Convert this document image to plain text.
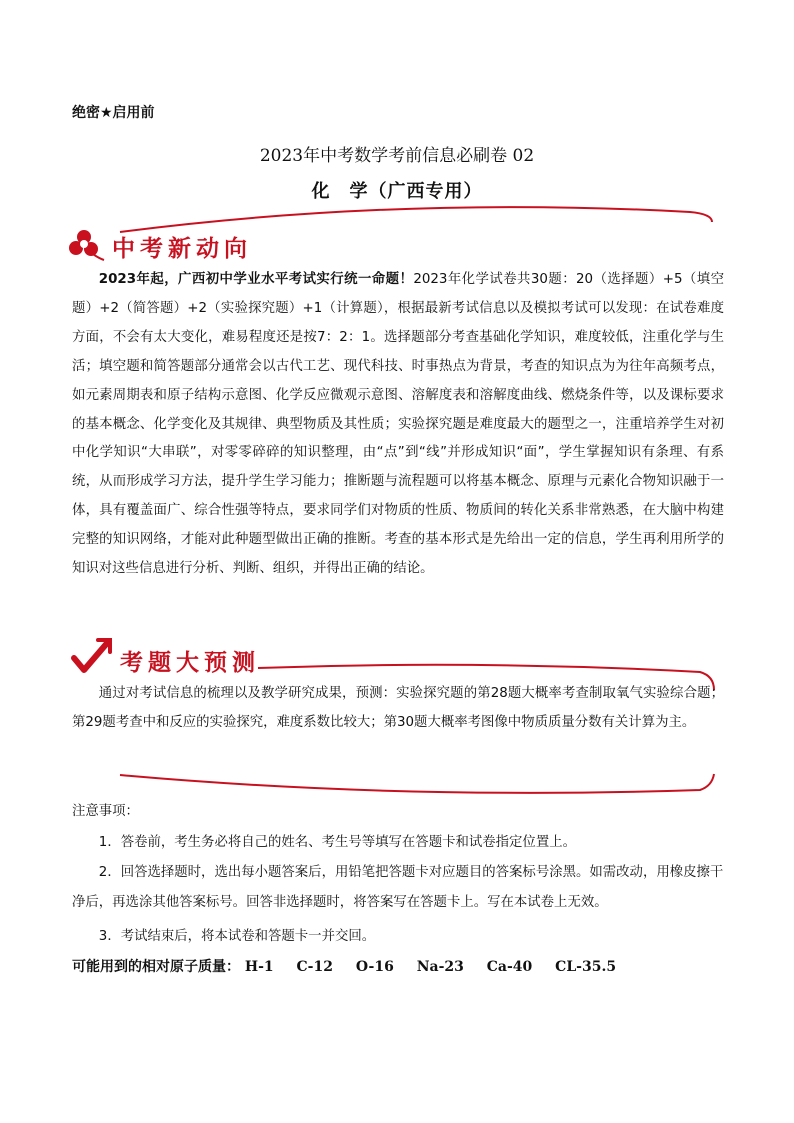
绝密★启用前
2023年中考数学考前信息必刷卷 02
化　学（广西专用）
中考新动向
2023年起，广西初中学业水平考试实行统一命题！2023年化学试卷共30题：20（选择题）+5（填空题）+2（简答题）+2（实验探究题）+1（计算题），根据最新考试信息以及模拟考试可以发现：在试卷难度方面，不会有太大变化，难易程度还是按7：2：1。选择题部分考查基础化学知识，难度较低，注重化学与生活；填空题和简答题部分通常会以古代工艺、现代科技、时事热点为背景，考查的知识点为为往年高频考点，如元素周期表和原子结构示意图、化学反应微观示意图、溶解度表和溶解度曲线、燃烧条件等，以及课标要求的基本概念、化学变化及其规律、典型物质及其性质；实验探究题是难度最大的题型之一，注重培养学生对初中化学知识“大串联”，对零零碎碎的知识整理，由“点”到“线”并形成知识“面”，学生掌握知识有条理、有系统，从而形成学习方法，提升学生学习能力；推断题与流程题可以将基本概念、原理与元素化合物知识融于一体，具有覆盖面广、综合性强等特点，要求同学们对物质的性质、物质间的转化关系非常熟悉，在大脑中构建完整的知识网络，才能对此种题型做出正确的推断。考查的基本形式是先给出一定的信息，学生再利用所学的知识对这些信息进行分析、判断、组织，并得出正确的结论。
考题大预测
通过对考试信息的梳理以及教学研究成果，预测：实验探究题的第28题大概率考查制取氧气实验综合题；第29题考查中和反应的实验探究，难度系数比较大；第30题大概率考图像中物质质量分数有关计算为主。
注意事项：
1．答卷前，考生务必将自己的姓名、考生号等填写在答题卡和试卷指定位置上。
2．回答选择题时，选出每小题答案后，用铅笔把答题卡对应题目的答案标号涂黑。如需改动，用橡皮擦干净后，再选涂其他答案标号。回答非选择题时，将答案写在答题卡上。写在本试卷上无效。
3．考试结束后，将本试卷和答题卡一并交回。
可能用到的相对原子质量： H-1 C-12 O-16 Na-23 Ca-40 CL-35.5
